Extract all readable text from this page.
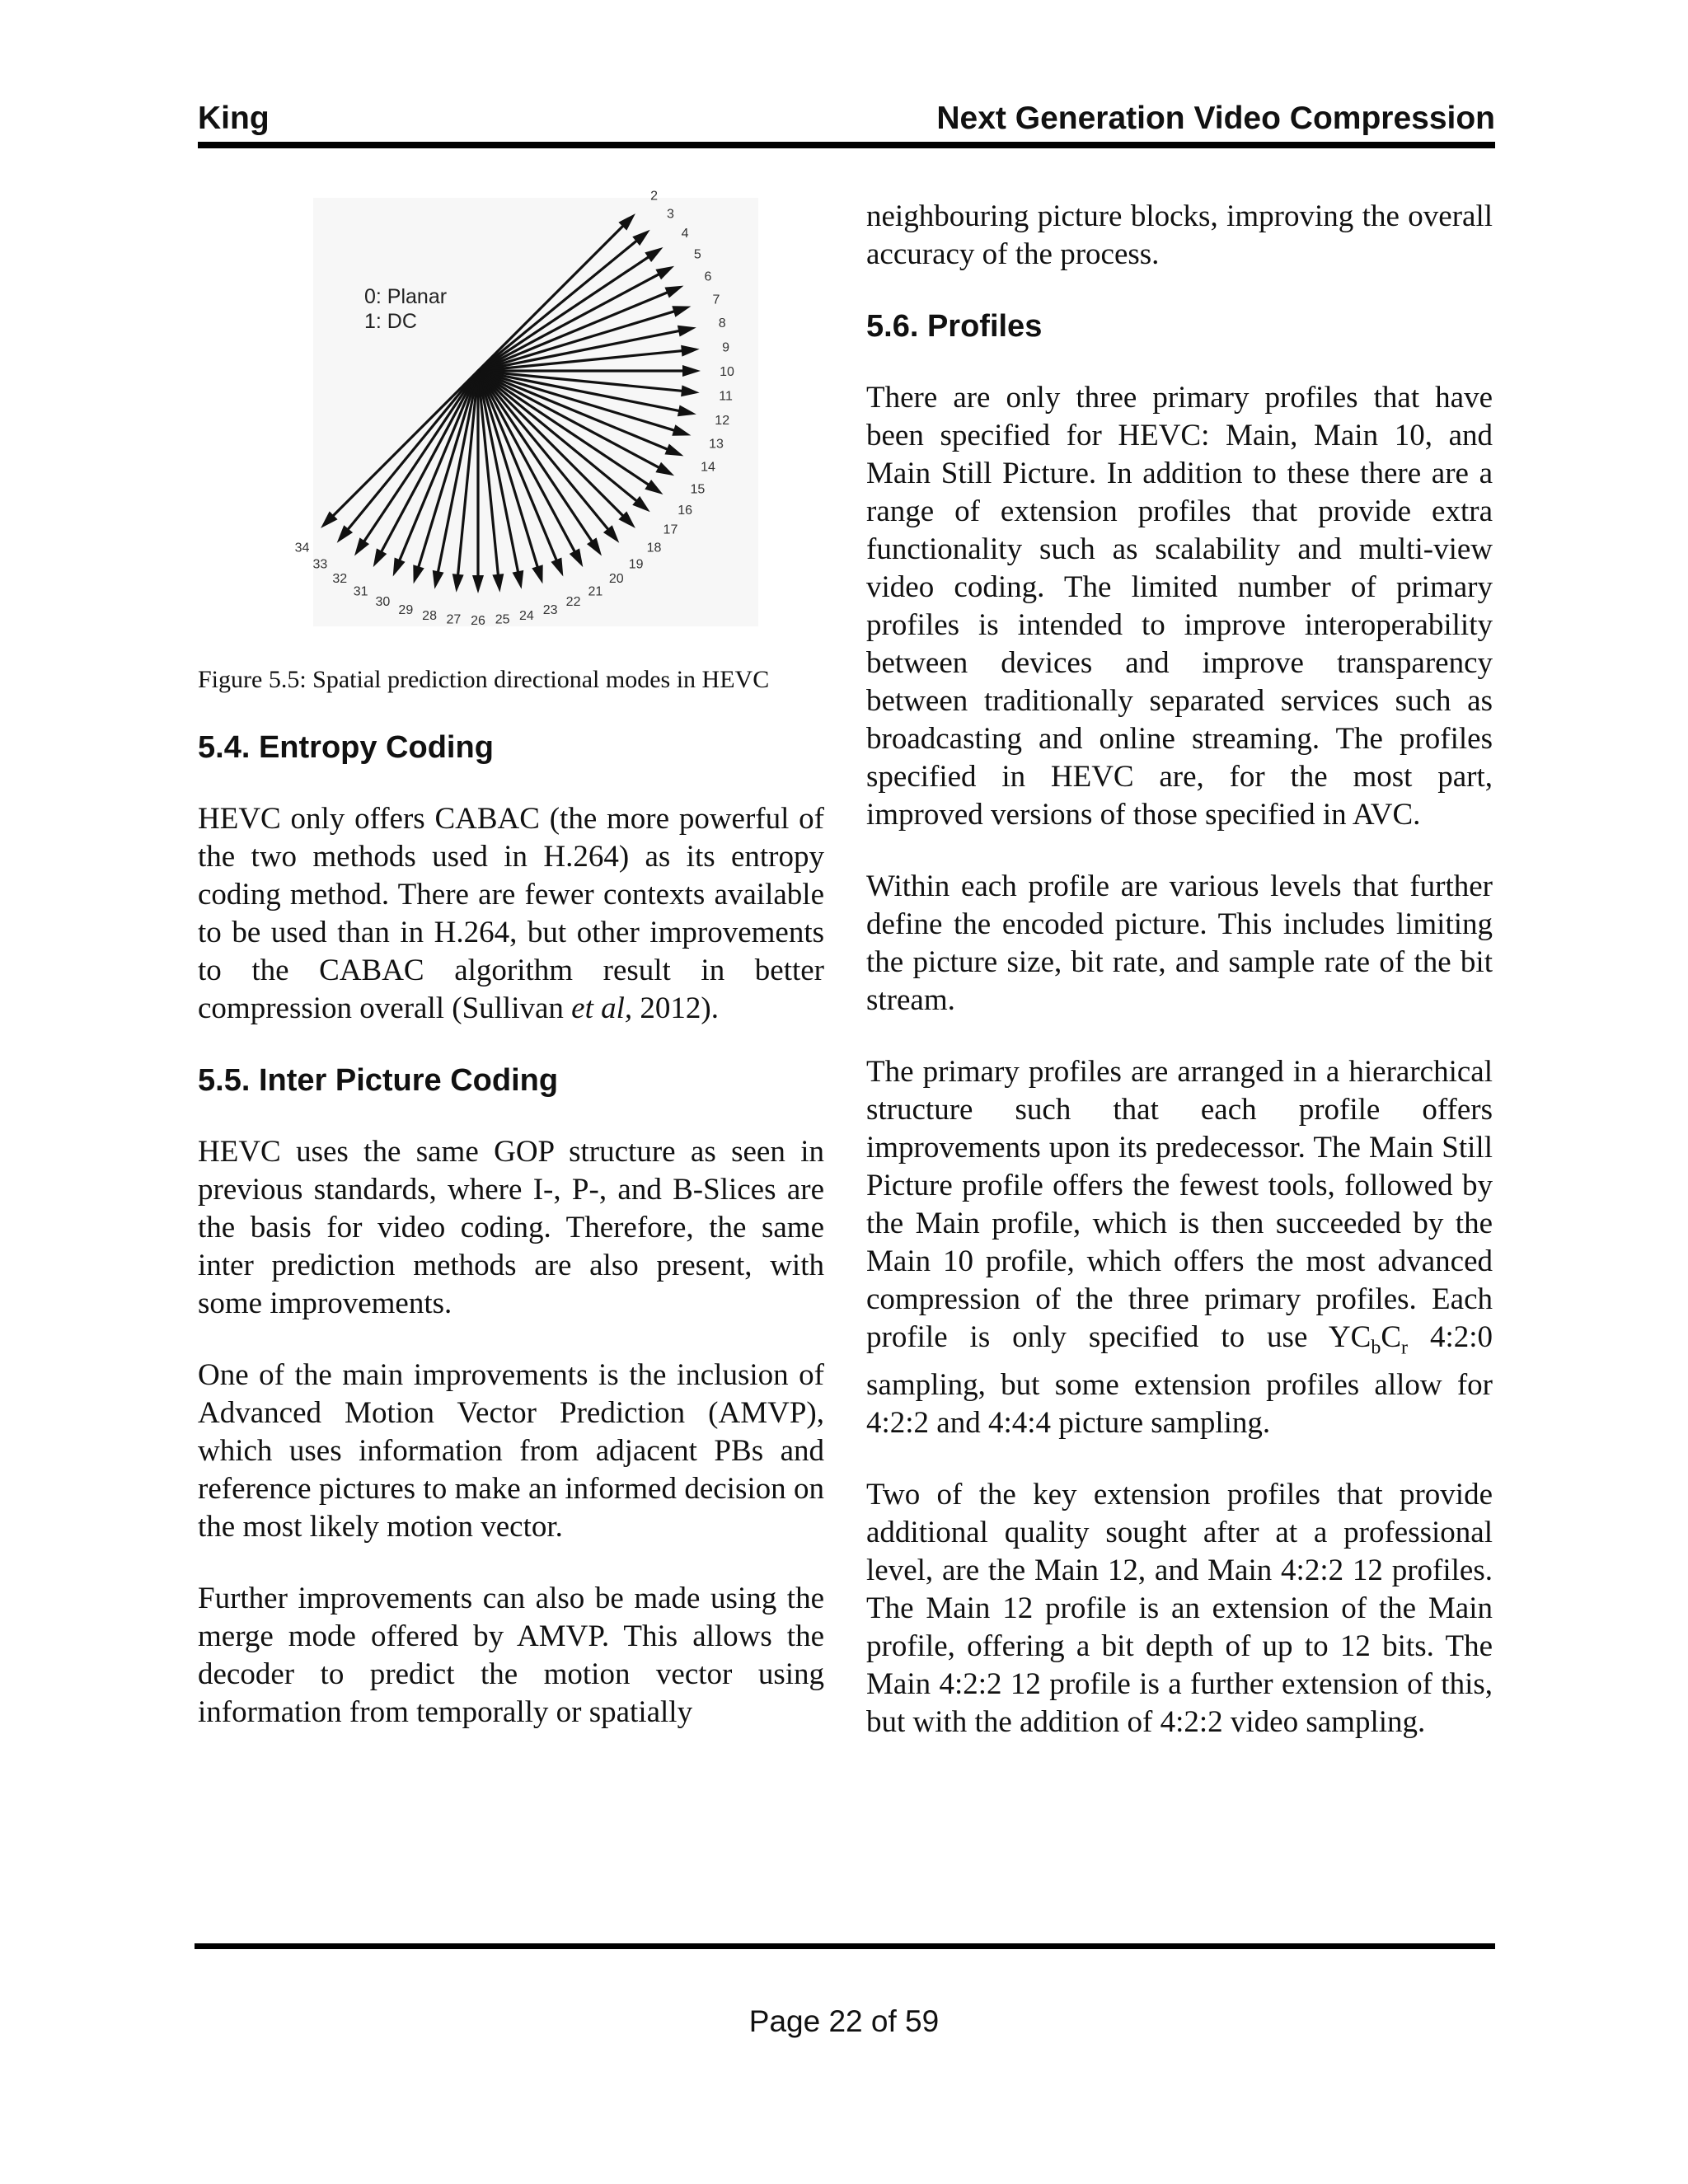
King	Next Generation Video Compression
0: Planar
1: DC
2
3
4
5
6
7
8
9
10
11
12
13
14
15
16
17
18
19
20
21
22
23
24
25
26
27
28
29
30
31
32
33
34

Figure 5.5: Spatial prediction directional modes in HEVC

5.4. Entropy Coding

HEVC only offers CABAC (the more powerful of the two methods used in H.264) as its entropy coding method. There are fewer contexts available to be used than in H.264, but other improvements to the CABAC algorithm result in better compression overall (Sullivan et al, 2012).

5.5. Inter Picture Coding

HEVC uses the same GOP structure as seen in previous standards, where I-, P-, and B-Slices are the basis for video coding. Therefore, the same inter prediction methods are also present, with some improvements.

One of the main improvements is the inclusion of Advanced Motion Vector Prediction (AMVP), which uses information from adjacent PBs and reference pictures to make an informed decision on the most likely motion vector.

Further improvements can also be made using the merge mode offered by AMVP. This allows the decoder to predict the motion vector using information from temporally or spatially

neighbouring picture blocks, improving the overall accuracy of the process.

5.6. Profiles

There are only three primary profiles that have been specified for HEVC: Main, Main 10, and Main Still Picture. In addition to these there are a range of extension profiles that provide extra functionality such as scalability and multi-view video coding. The limited number of primary profiles is intended to improve interoperability between devices and improve transparency between traditionally separated services such as broadcasting and online streaming. The profiles specified in HEVC are, for the most part, improved versions of those specified in AVC.

Within each profile are various levels that further define the encoded picture. This includes limiting the picture size, bit rate, and sample rate of the bit stream.

The primary profiles are arranged in a hierarchical structure such that each profile offers improvements upon its predecessor. The Main Still Picture profile offers the fewest tools, followed by the Main profile, which is then succeeded by the Main 10 profile, which offers the most advanced compression of the three primary profiles. Each profile is only specified to use $YC_bC_r$ 4:2:0 sampling, but some extension profiles allow for 4:2:2 and 4:4:4 picture sampling.

Two of the key extension profiles that provide additional quality sought after at a professional level, are the Main 12, and Main 4:2:2 12 profiles. The Main 12 profile is an extension of the Main profile, offering a bit depth of up to 12 bits. The Main 4:2:2 12 profile is a further extension of this, but with the addition of 4:2:2 video sampling.

Page 22 of 59
